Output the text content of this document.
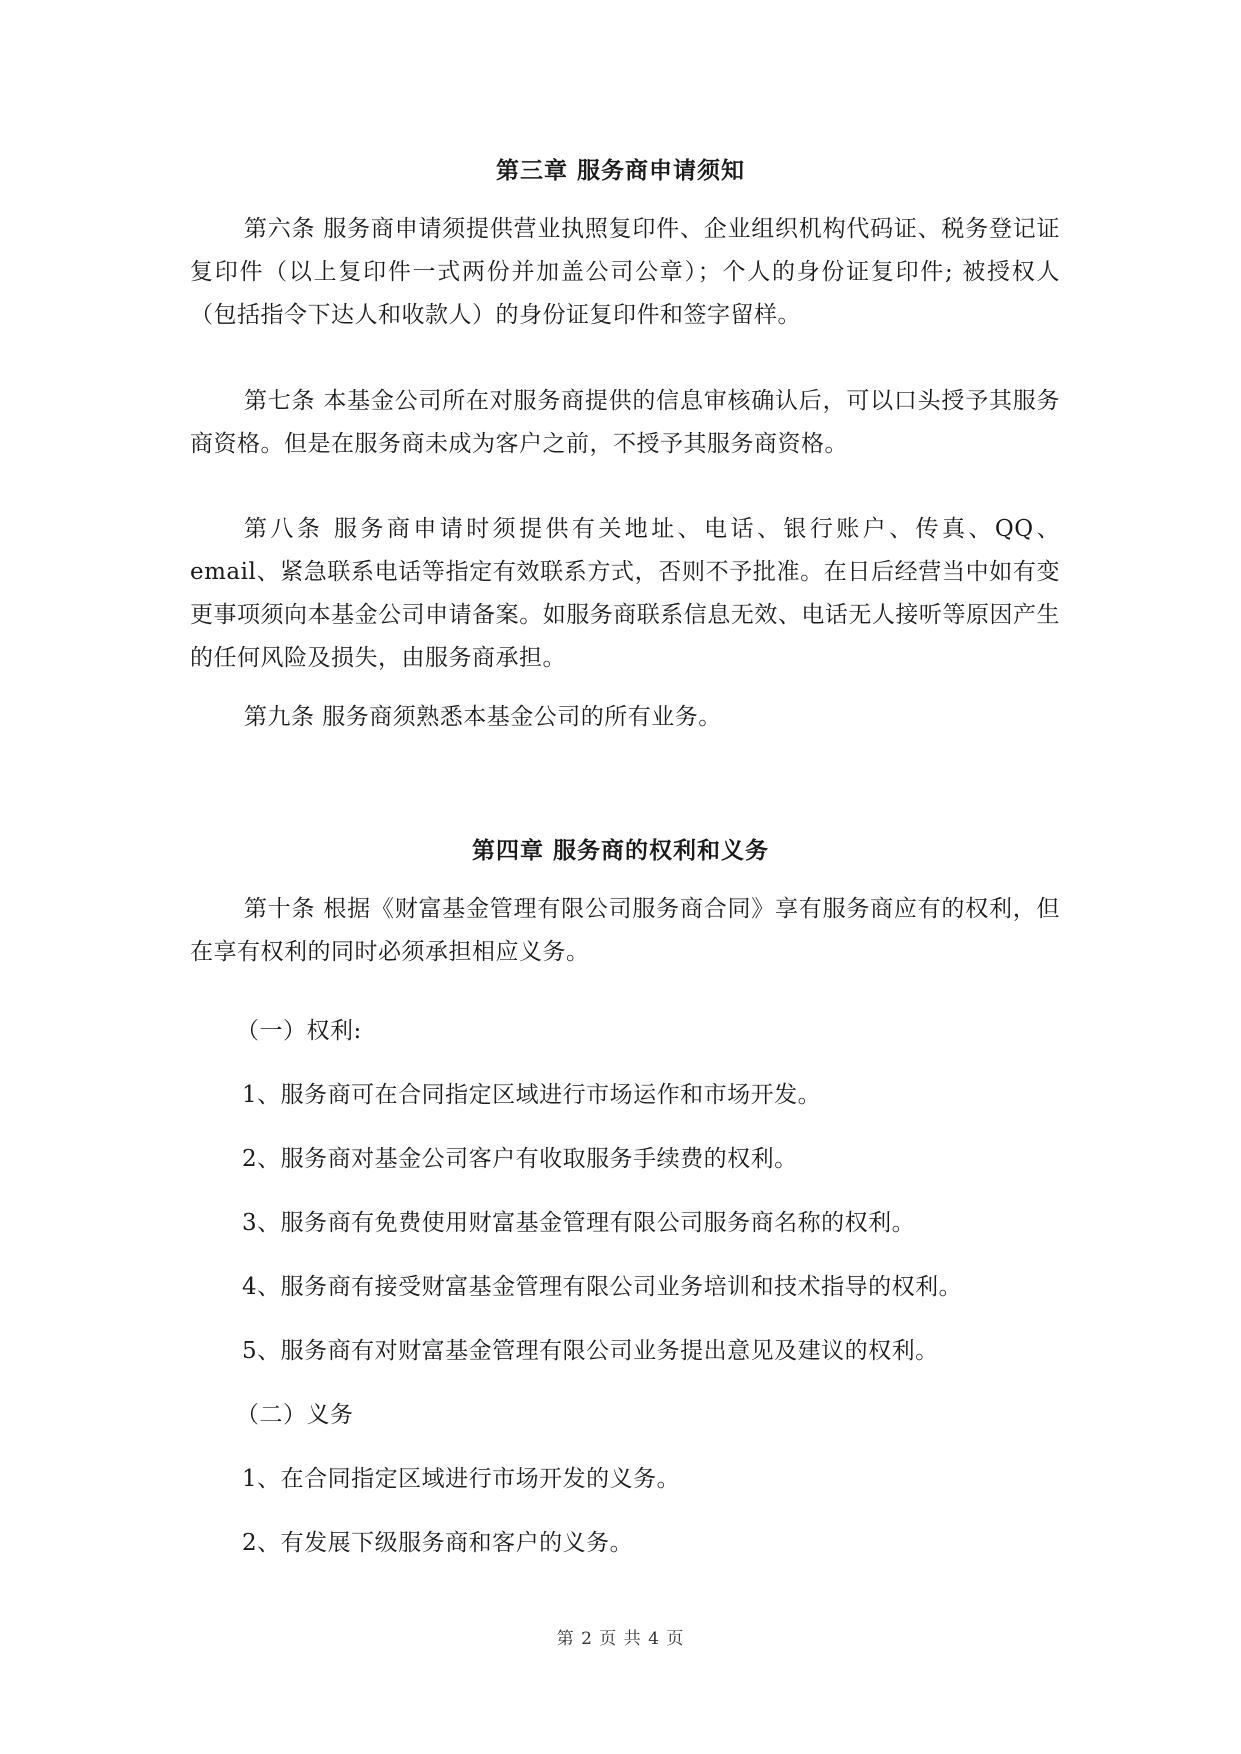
第三章 服务商申请须知
第六条 服务商申请须提供营业执照复印件、企业组织机构代码证、税务登记证复印件（以上复印件一式两份并加盖公司公章）；个人的身份证复印件; 被授权人（包括指令下达人和收款人）的身份证复印件和签字留样。
第七条 本基金公司所在对服务商提供的信息审核确认后，可以口头授予其服务商资格。但是在服务商未成为客户之前，不授予其服务商资格。
第八条 服务商申请时须提供有关地址、电话、银行账户、传真、QQ、email、紧急联系电话等指定有效联系方式，否则不予批准。在日后经营当中如有变更事项须向本基金公司申请备案。如服务商联系信息无效、电话无人接听等原因产生的任何风险及损失，由服务商承担。
第九条 服务商须熟悉本基金公司的所有业务。
第四章 服务商的权利和义务
第十条 根据《财富基金管理有限公司服务商合同》享有服务商应有的权利，但在享有权利的同时必须承担相应义务。
（一）权利:
1、服务商可在合同指定区域进行市场运作和市场开发。
2、服务商对基金公司客户有收取服务手续费的权利。
3、服务商有免费使用财富基金管理有限公司服务商名称的权利。
4、服务商有接受财富基金管理有限公司业务培训和技术指导的权利。
5、服务商有对财富基金管理有限公司业务提出意见及建议的权利。
（二）义务
1、在合同指定区域进行市场开发的义务。
2、有发展下级服务商和客户的义务。
第 2 页 共 4 页
